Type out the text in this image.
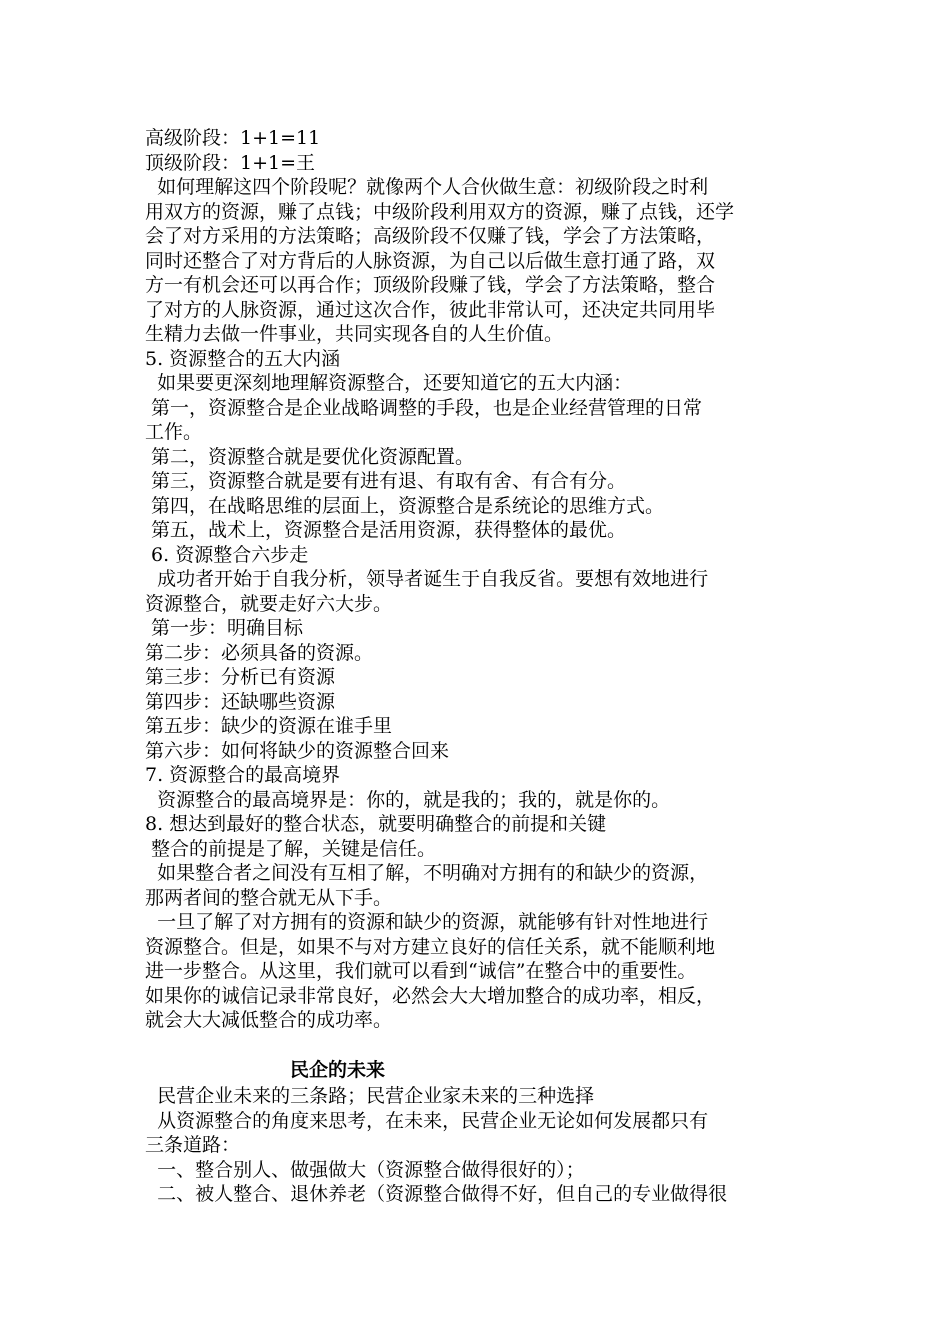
高级阶段：1+1=11

顶级阶段：1+1=王

如何理解这四个阶段呢？就像两个人合伙做生意：初级阶段之时利

用双方的资源，赚了点钱；中级阶段利用双方的资源，赚了点钱，还学

会了对方采用的方法策略；高级阶段不仅赚了钱，学会了方法策略，

同时还整合了对方背后的人脉资源，为自己以后做生意打通了路，双

方一有机会还可以再合作；顶级阶段赚了钱，学会了方法策略，整合

了对方的人脉资源，通过这次合作，彼此非常认可，还决定共同用毕

生精力去做一件事业，共同实现各自的人生价值。

5. 资源整合的五大内涵

如果要更深刻地理解资源整合，还要知道它的五大内涵：

第一，资源整合是企业战略调整的手段，也是企业经营管理的日常

工作。

第二，资源整合就是要优化资源配置。

第三，资源整合就是要有进有退、有取有舍、有合有分。

第四，在战略思维的层面上，资源整合是系统论的思维方式。

第五，战术上，资源整合是活用资源，获得整体的最优。

6. 资源整合六步走

成功者开始于自我分析，领导者诞生于自我反省。要想有效地进行

资源整合，就要走好六大步。

第一步：明确目标

第二步：必须具备的资源。

第三步：分析已有资源

第四步：还缺哪些资源

第五步：缺少的资源在谁手里

第六步：如何将缺少的资源整合回来

7. 资源整合的最高境界

资源整合的最高境界是：你的，就是我的；我的，就是你的。

8. 想达到最好的整合状态，就要明确整合的前提和关键

整合的前提是了解，关键是信任。

如果整合者之间没有互相了解，不明确对方拥有的和缺少的资源，

那两者间的整合就无从下手。

一旦了解了对方拥有的资源和缺少的资源，就能够有针对性地进行

资源整合。但是，如果不与对方建立良好的信任关系，就不能顺利地

进一步整合。从这里，我们就可以看到“诚信”在整合中的重要性。

如果你的诚信记录非常良好，必然会大大增加整合的成功率，相反，

就会大大减低整合的成功率。

民企的未来

民营企业未来的三条路；民营企业家未来的三种选择

从资源整合的角度来思考，在未来，民营企业无论如何发展都只有

三条道路：

一、整合别人、做强做大（资源整合做得很好的）；

二、被人整合、退休养老（资源整合做得不好，但自己的专业做得很
